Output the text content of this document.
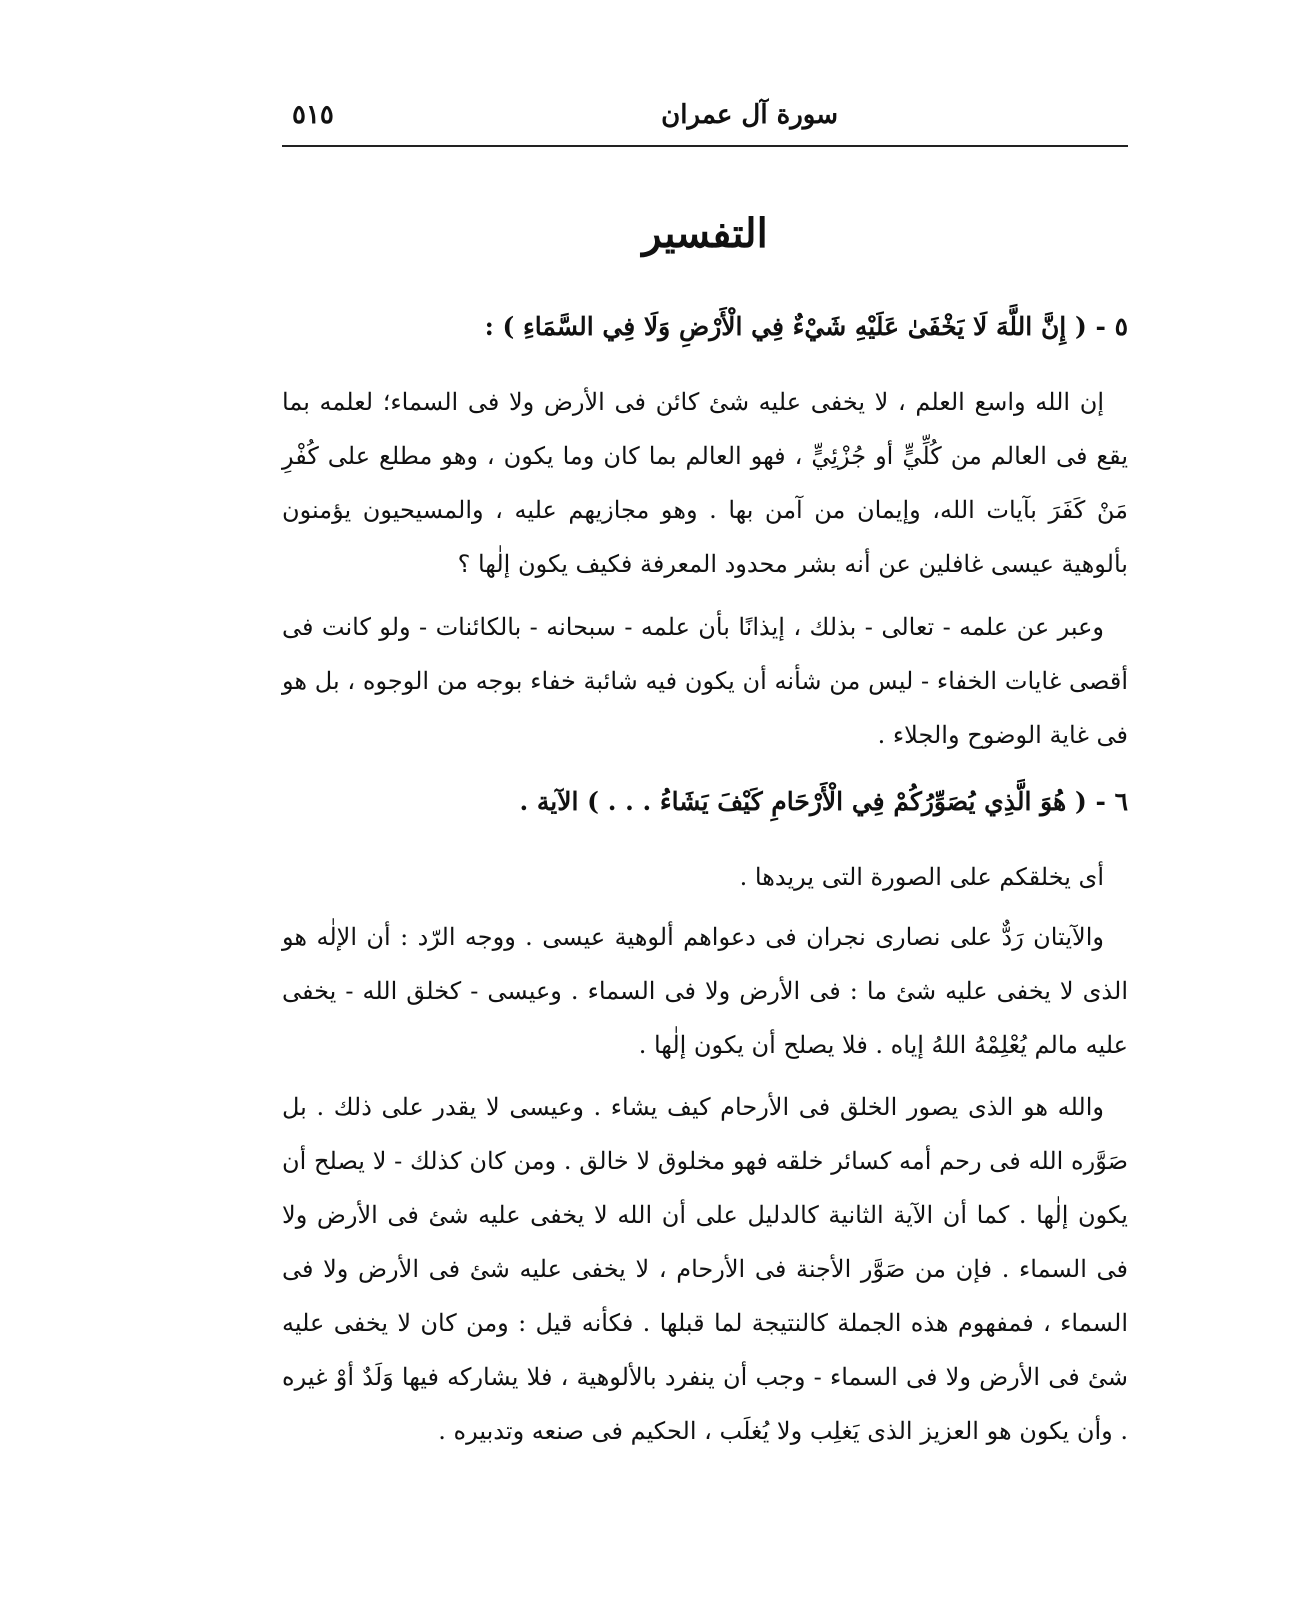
سورة آل عمران
٥١٥
التفسير
٥ - ( إِنَّ اللَّهَ لَا يَخْفَىٰ عَلَيْهِ شَيْءٌ فِي الْأَرْضِ وَلَا فِي السَّمَاءِ ) :
إن الله واسع العلم ، لا يخفى عليه شئ كائن فى الأرض ولا فى السماء؛ لعلمه بما يقع فى العالم من كُلِّيٍّ أو جُزْئِيٍّ ، فهو العالم بما كان وما يكون ، وهو مطلع على كُفْرِ مَنْ كَفَرَ بآيات الله، وإيمان من آمن بها . وهو مجازيهم عليه ، والمسيحيون يؤمنون بألوهية عيسى غافلين عن أنه بشر محدود المعرفة فكيف يكون إلٰها ؟
وعبر عن علمه - تعالى - بذلك ، إيذانًا بأن علمه - سبحانه - بالكائنات - ولو كانت فى أقصى غايات الخفاء - ليس من شأنه أن يكون فيه شائبة خفاء بوجه من الوجوه ، بل هو فى غاية الوضوح والجلاء .
٦ - ( هُوَ الَّذِي يُصَوِّرُكُمْ فِي الْأَرْحَامِ كَيْفَ يَشَاءُ . . . ) الآية .
أى يخلقكم على الصورة التى يريدها .
والآيتان رَدٌّ على نصارى نجران فى دعواهم ألوهية عيسى . ووجه الرّد : أن الإلٰه هو الذى لا يخفى عليه شئ ما : فى الأرض ولا فى السماء . وعيسى - كخلق الله - يخفى عليه مالم يُعْلِمْهُ اللهُ إياه . فلا يصلح أن يكون إلٰها .
والله هو الذى يصور الخلق فى الأرحام كيف يشاء . وعيسى لا يقدر على ذلك . بل صَوَّره الله فى رحم أمه كسائر خلقه فهو مخلوق لا خالق . ومن كان كذلك - لا يصلح أن يكون إلٰها . كما أن الآية الثانية كالدليل على أن الله لا يخفى عليه شئ فى الأرض ولا فى السماء . فإن من صَوَّر الأجنة فى الأرحام ، لا يخفى عليه شئ فى الأرض ولا فى السماء ، فمفهوم هذه الجملة كالنتيجة لما قبلها . فكأنه قيل : ومن كان لا يخفى عليه شئ فى الأرض ولا فى السماء - وجب أن ينفرد بالألوهية ، فلا يشاركه فيها وَلَدٌ أوْ غيره . وأن يكون هو العزيز الذى يَغلِب ولا يُغلَب ، الحكيم فى صنعه وتدبيره .
